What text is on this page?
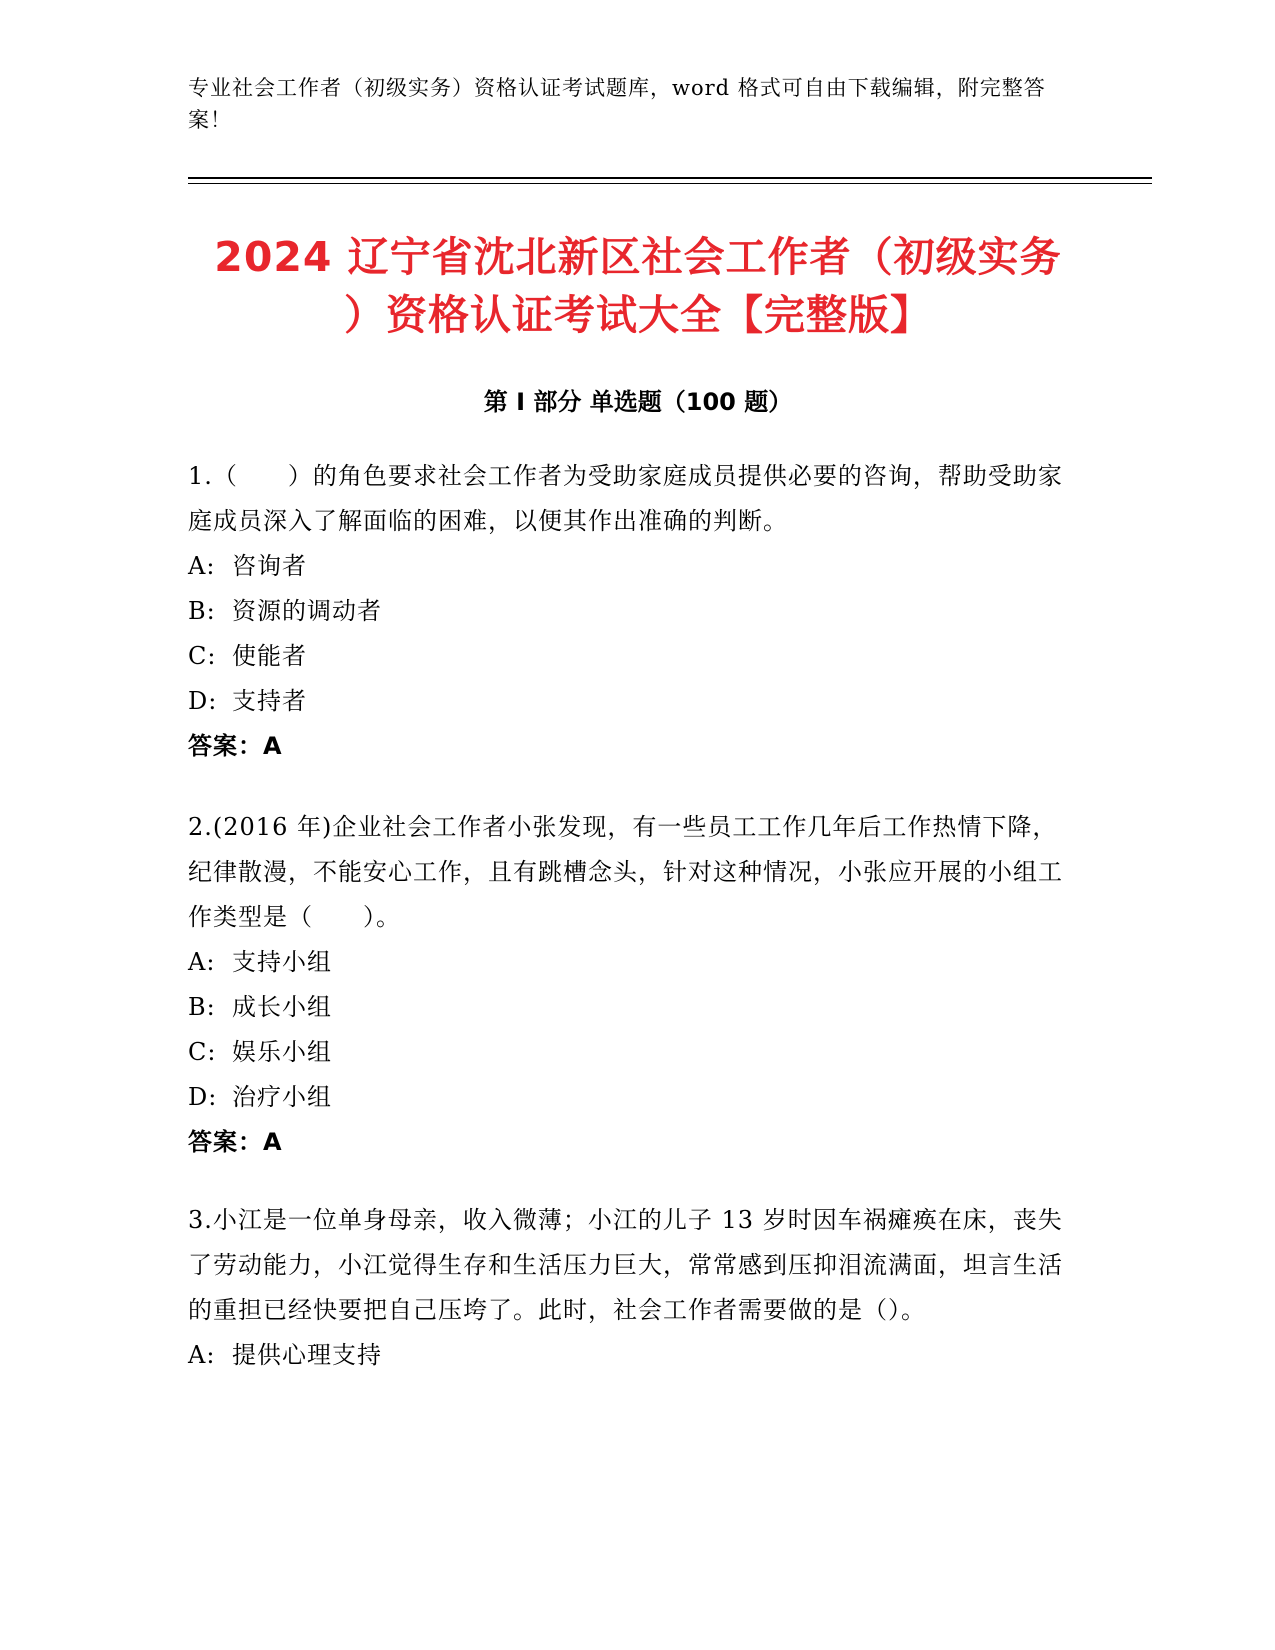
专业社会工作者（初级实务）资格认证考试题库，word 格式可自由下载编辑，附完整答案！
2024 辽宁省沈北新区社会工作者（初级实务
）资格认证考试大全【完整版】
第 I 部分 单选题（100 题）

1.（　　）的角色要求社会工作者为受助家庭成员提供必要的咨询，帮助受助家庭成员深入了解面临的困难，以便其作出准确的判断。

A: 咨询者

B: 资源的调动者

C: 使能者

D: 支持者

答案：A

2.(2016 年)企业社会工作者小张发现，有一些员工工作几年后工作热情下降，纪律散漫，不能安心工作，且有跳槽念头，针对这种情况，小张应开展的小组工作类型是（　　）。

A: 支持小组

B: 成长小组

C: 娱乐小组

D: 治疗小组

答案：A

3.小江是一位单身母亲，收入微薄；小江的儿子 13 岁时因车祸瘫痪在床，丧失了劳动能力，小江觉得生存和生活压力巨大，常常感到压抑泪流满面，坦言生活的重担已经快要把自己压垮了。此时，社会工作者需要做的是（）。

A: 提供心理支持
